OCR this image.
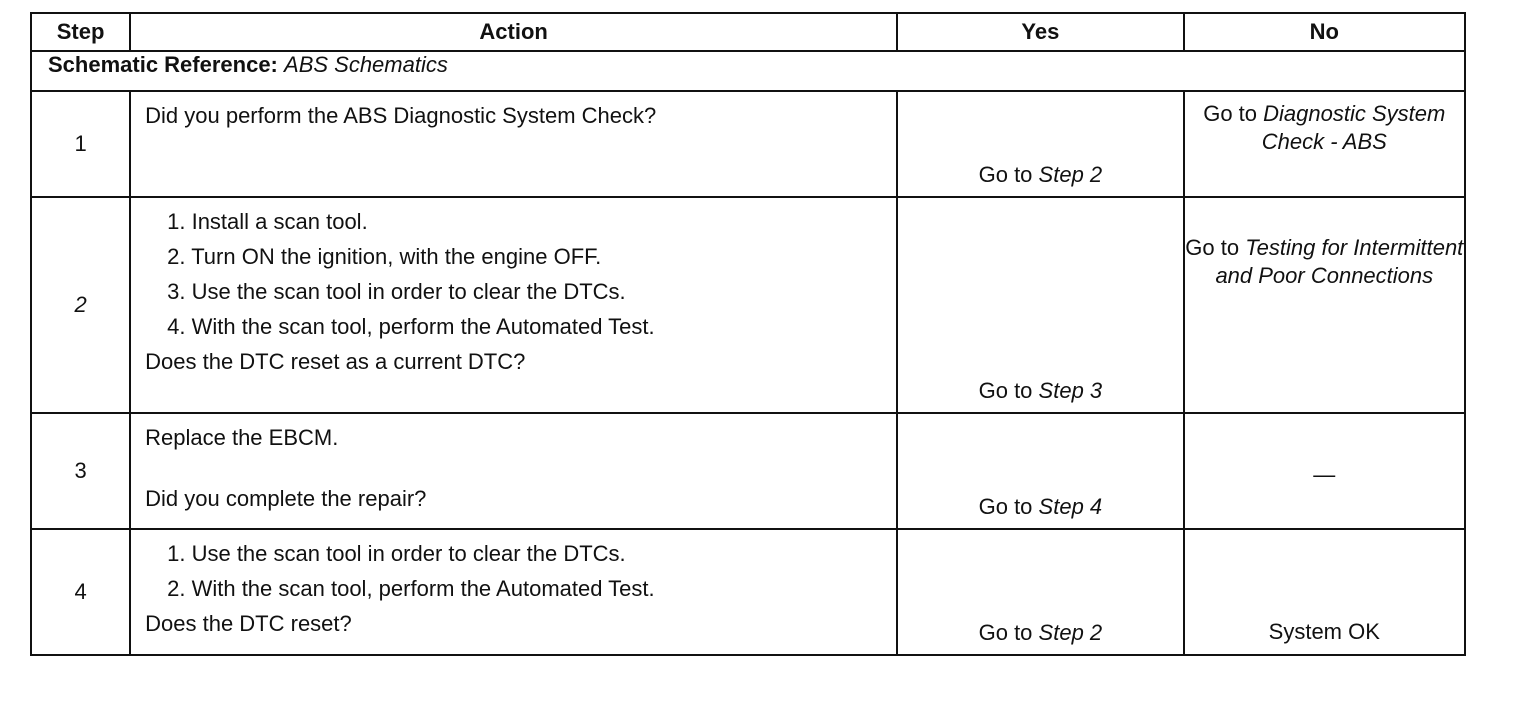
Step	Action	Yes	No
Schematic Reference: ABS Schematics			
1	Did you perform the ABS Diagnostic System Check?	Go to Step 2	Go to Diagnostic System Check - ABS
2	1. Install a scan tool.
2. Turn ON the ignition, with the engine OFF.
3. Use the scan tool in order to clear the DTCs.
4. With the scan tool, perform the Automated Test.
Does the DTC reset as a current DTC?	Go to Step 3	Go to Testing for Intermittent and Poor Connections
3	Replace the EBCM.
Did you complete the repair?	Go to Step 4	—
4	1. Use the scan tool in order to clear the DTCs.
2. With the scan tool, perform the Automated Test.
Does the DTC reset?	Go to Step 2	System OK
